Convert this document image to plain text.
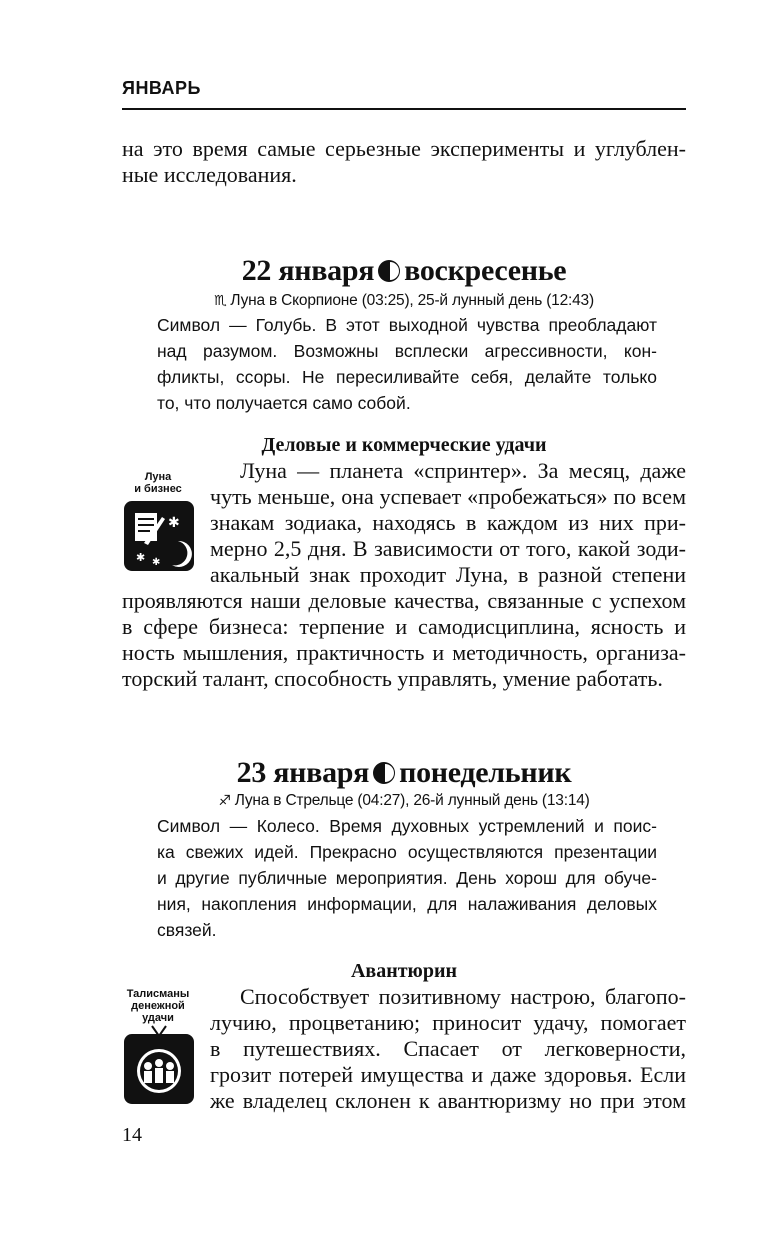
ЯНВАРЬ
на это время самые серьезные эксперименты и углублен-
ные исследования.
22 января воскресенье
♏ Луна в Скорпионе (03:25), 25-й лунный день (12:43)
Символ — Голубь. В этот выходной чувства преобладают
над разумом. Возможны всплески агрессивности, кон-
фликты, ссоры. Не пересиливайте себя, делайте только
то, что получается само собой.
Деловые и коммерческие удачи
Луна
и бизнес
✱
✱ ✱
Луна — планета «спринтер». За месяц, даже
чуть меньше, она успевает «пробежаться» по всем
знакам зодиака, находясь в каждом из них при-
мерно 2,5 дня. В зависимости от того, какой зоди-
акальный знак проходит Луна, в разной степени
проявляются наши деловые качества, связанные с успехом
в сфере бизнеса: терпение и самодисциплина, ясность и
ность мышления, практичность и методичность, организа-
торский талант, способность управлять, умение работать.
23 января понедельник
♐ Луна в Стрельце (04:27), 26-й лунный день (13:14)
Символ — Колесо. Время духовных устремлений и поис-
ка свежих идей. Прекрасно осуществляются презентации
и другие публичные мероприятия. День хорош для обуче-
ния, накопления информации, для налаживания деловых
связей.
Авантюрин
Талисманы
денежной
удачи
Способствует позитивному настрою, благопо-
лучию, процветанию; приносит удачу, помогает
в путешествиях. Спасает от легковерности,
грозит потерей имущества и даже здоровья. Если
же владелец склонен к авантюризму но при этом
14
